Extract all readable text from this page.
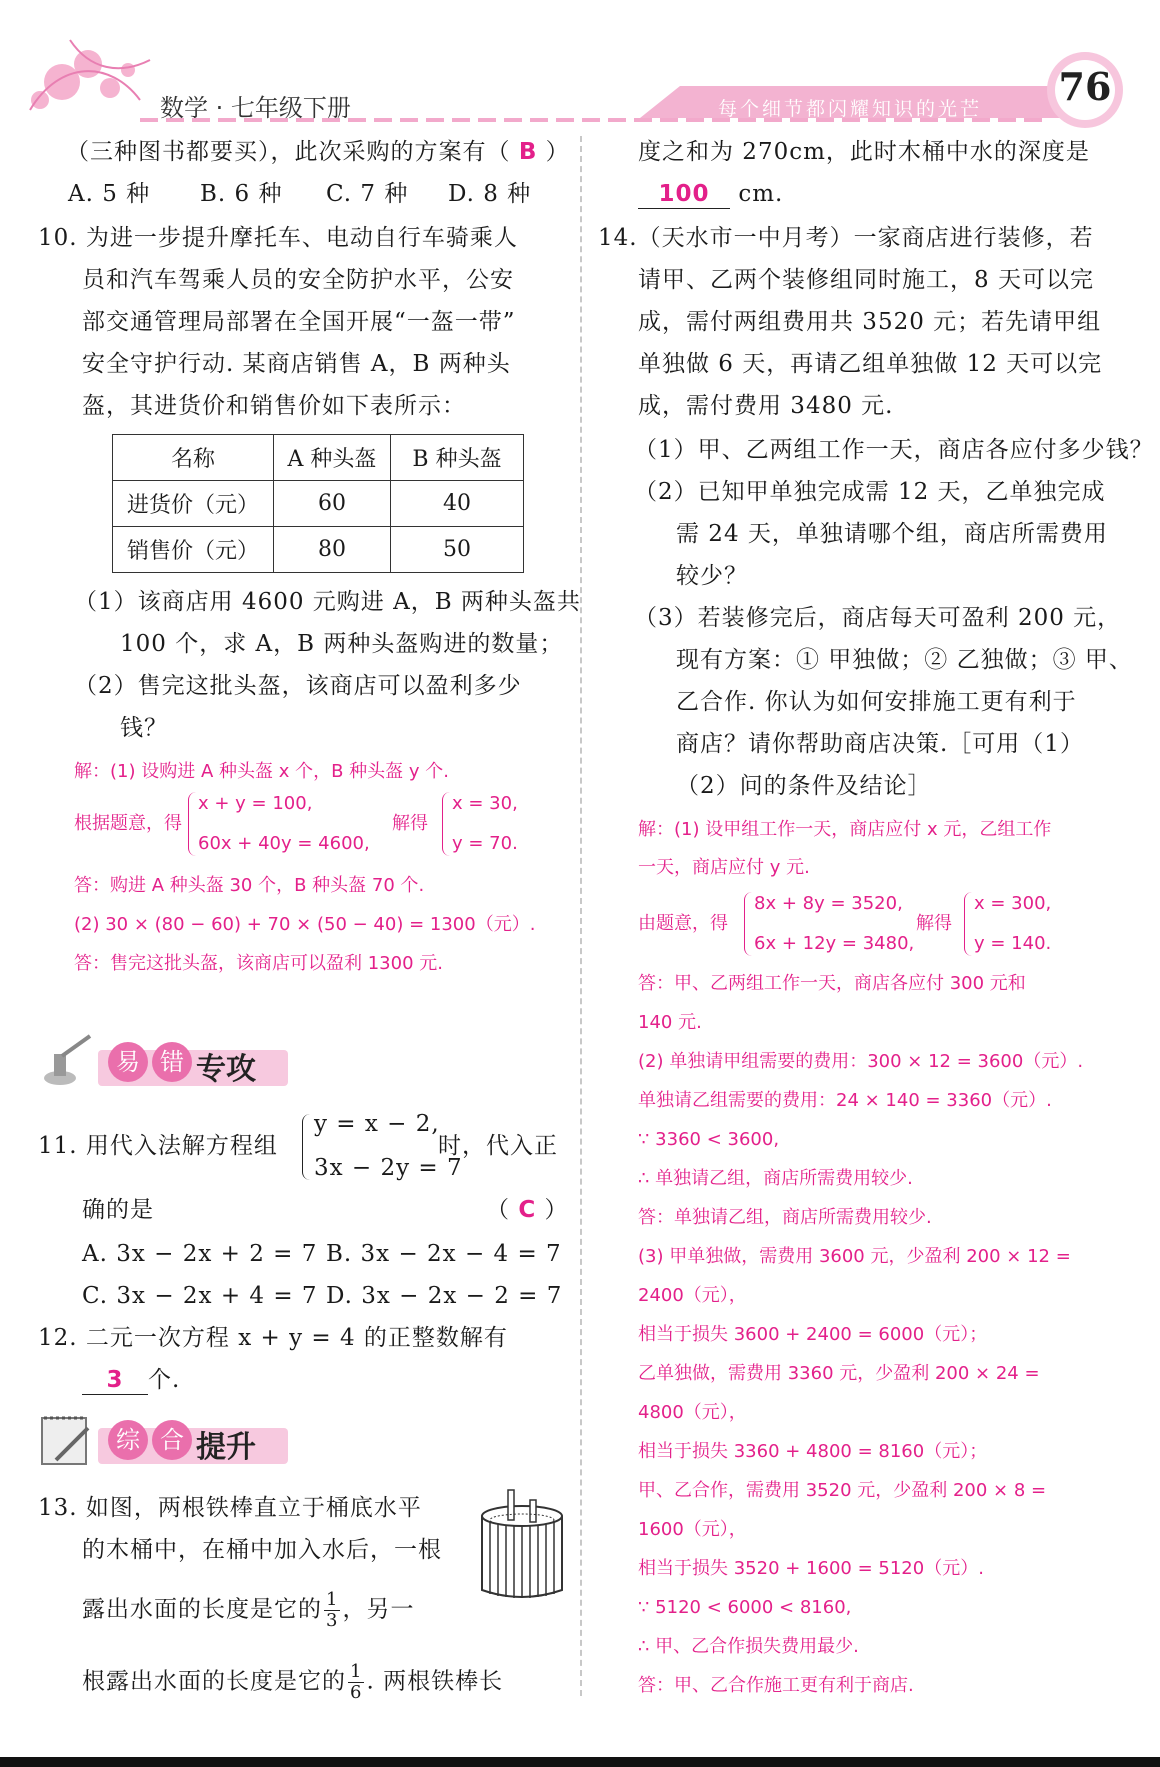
数学 · 七年级下册	每个细节都闪耀知识的光芒 76
（三种图书都要买），此次采购的方案有（ B ）
A. 5 种 B. 6 种 C. 7 种 D. 8 种
10. 为进一步提升摩托车、电动自行车骑乘人
员和汽车驾乘人员的安全防护水平，公安
部交通管理局部署在全国开展“一盔一带”
安全守护行动. 某商店销售 A，B 两种头
盔，其进货价和销售价如下表所示：
名称	A 种头盔	B 种头盔
进货价（元）	60	40
销售价（元）	80	50
（1）该商店用 4600 元购进 A，B 两种头盔共
100 个，求 A，B 两种头盔购进的数量；
（2）售完这批头盔，该商店可以盈利多少
钱？
解：(1) 设购进 A 种头盔 x 个，B 种头盔 y 个.
根据题意，得
x + y = 100,
60x + 40y = 4600,
解得
x = 30,
y = 70.
答：购进 A 种头盔 30 个，B 种头盔 70 个.
(2) 30 × (80 − 60) + 70 × (50 − 40) = 1300（元）.
答：售完这批头盔，该商店可以盈利 1300 元.
易 错 专攻
11. 用代入法解方程组
y = x − 2,
3x − 2y = 7
时，代入正
确的是	（ C ）
A. 3x − 2x + 2 = 7 B. 3x − 2x − 4 = 7
C. 3x − 2x + 4 = 7 D. 3x − 2x − 2 = 7
12. 二元一次方程 x + y = 4 的正整数解有
3 个.
综 合 提升
13. 如图，两根铁棒直立于桶底水平
的木桶中，在桶中加入水后，一根
露出水面的长度是它的 $\frac{1}{3}$ ，另一
根露出水面的长度是它的 $\frac{1}{6}$ . 两根铁棒长
度之和为 270cm，此时木桶中水的深度是
100 cm.
14.（天水市一中月考）一家商店进行装修，若
请甲、乙两个装修组同时施工，8 天可以完
成，需付两组费用共 3520 元；若先请甲组
单独做 6 天，再请乙组单独做 12 天可以完
成，需付费用 3480 元.
（1）甲、乙两组工作一天，商店各应付多少钱？
（2）已知甲单独完成需 12 天，乙单独完成
需 24 天，单独请哪个组，商店所需费用
较少？
（3）若装修完后，商店每天可盈利 200 元，
现有方案：① 甲独做；② 乙独做；③ 甲、
乙合作. 你认为如何安排施工更有利于
商店？请你帮助商店决策.［可用（1）
（2）问的条件及结论］
解：(1) 设甲组工作一天，商店应付 x 元，乙组工作
一天，商店应付 y 元.
由题意，得
8x + 8y = 3520,
6x + 12y = 3480,
解得
x = 300,
y = 140.
答：甲、乙两组工作一天，商店各应付 300 元和
140 元.
(2) 单独请甲组需要的费用：300 × 12 = 3600（元）.
单独请乙组需要的费用：24 × 140 = 3360（元）.
∵ 3360 < 3600,
∴ 单独请乙组，商店所需费用较少.
答：单独请乙组，商店所需费用较少.
(3) 甲单独做，需费用 3600 元，少盈利 200 × 12 =
2400（元），
相当于损失 3600 + 2400 = 6000（元）；
乙单独做，需费用 3360 元，少盈利 200 × 24 =
4800（元），
相当于损失 3360 + 4800 = 8160（元）；
甲、乙合作，需费用 3520 元，少盈利 200 × 8 =
1600（元），
相当于损失 3520 + 1600 = 5120（元）.
∵ 5120 < 6000 < 8160,
∴ 甲、乙合作损失费用最少.
答：甲、乙合作施工更有利于商店.
